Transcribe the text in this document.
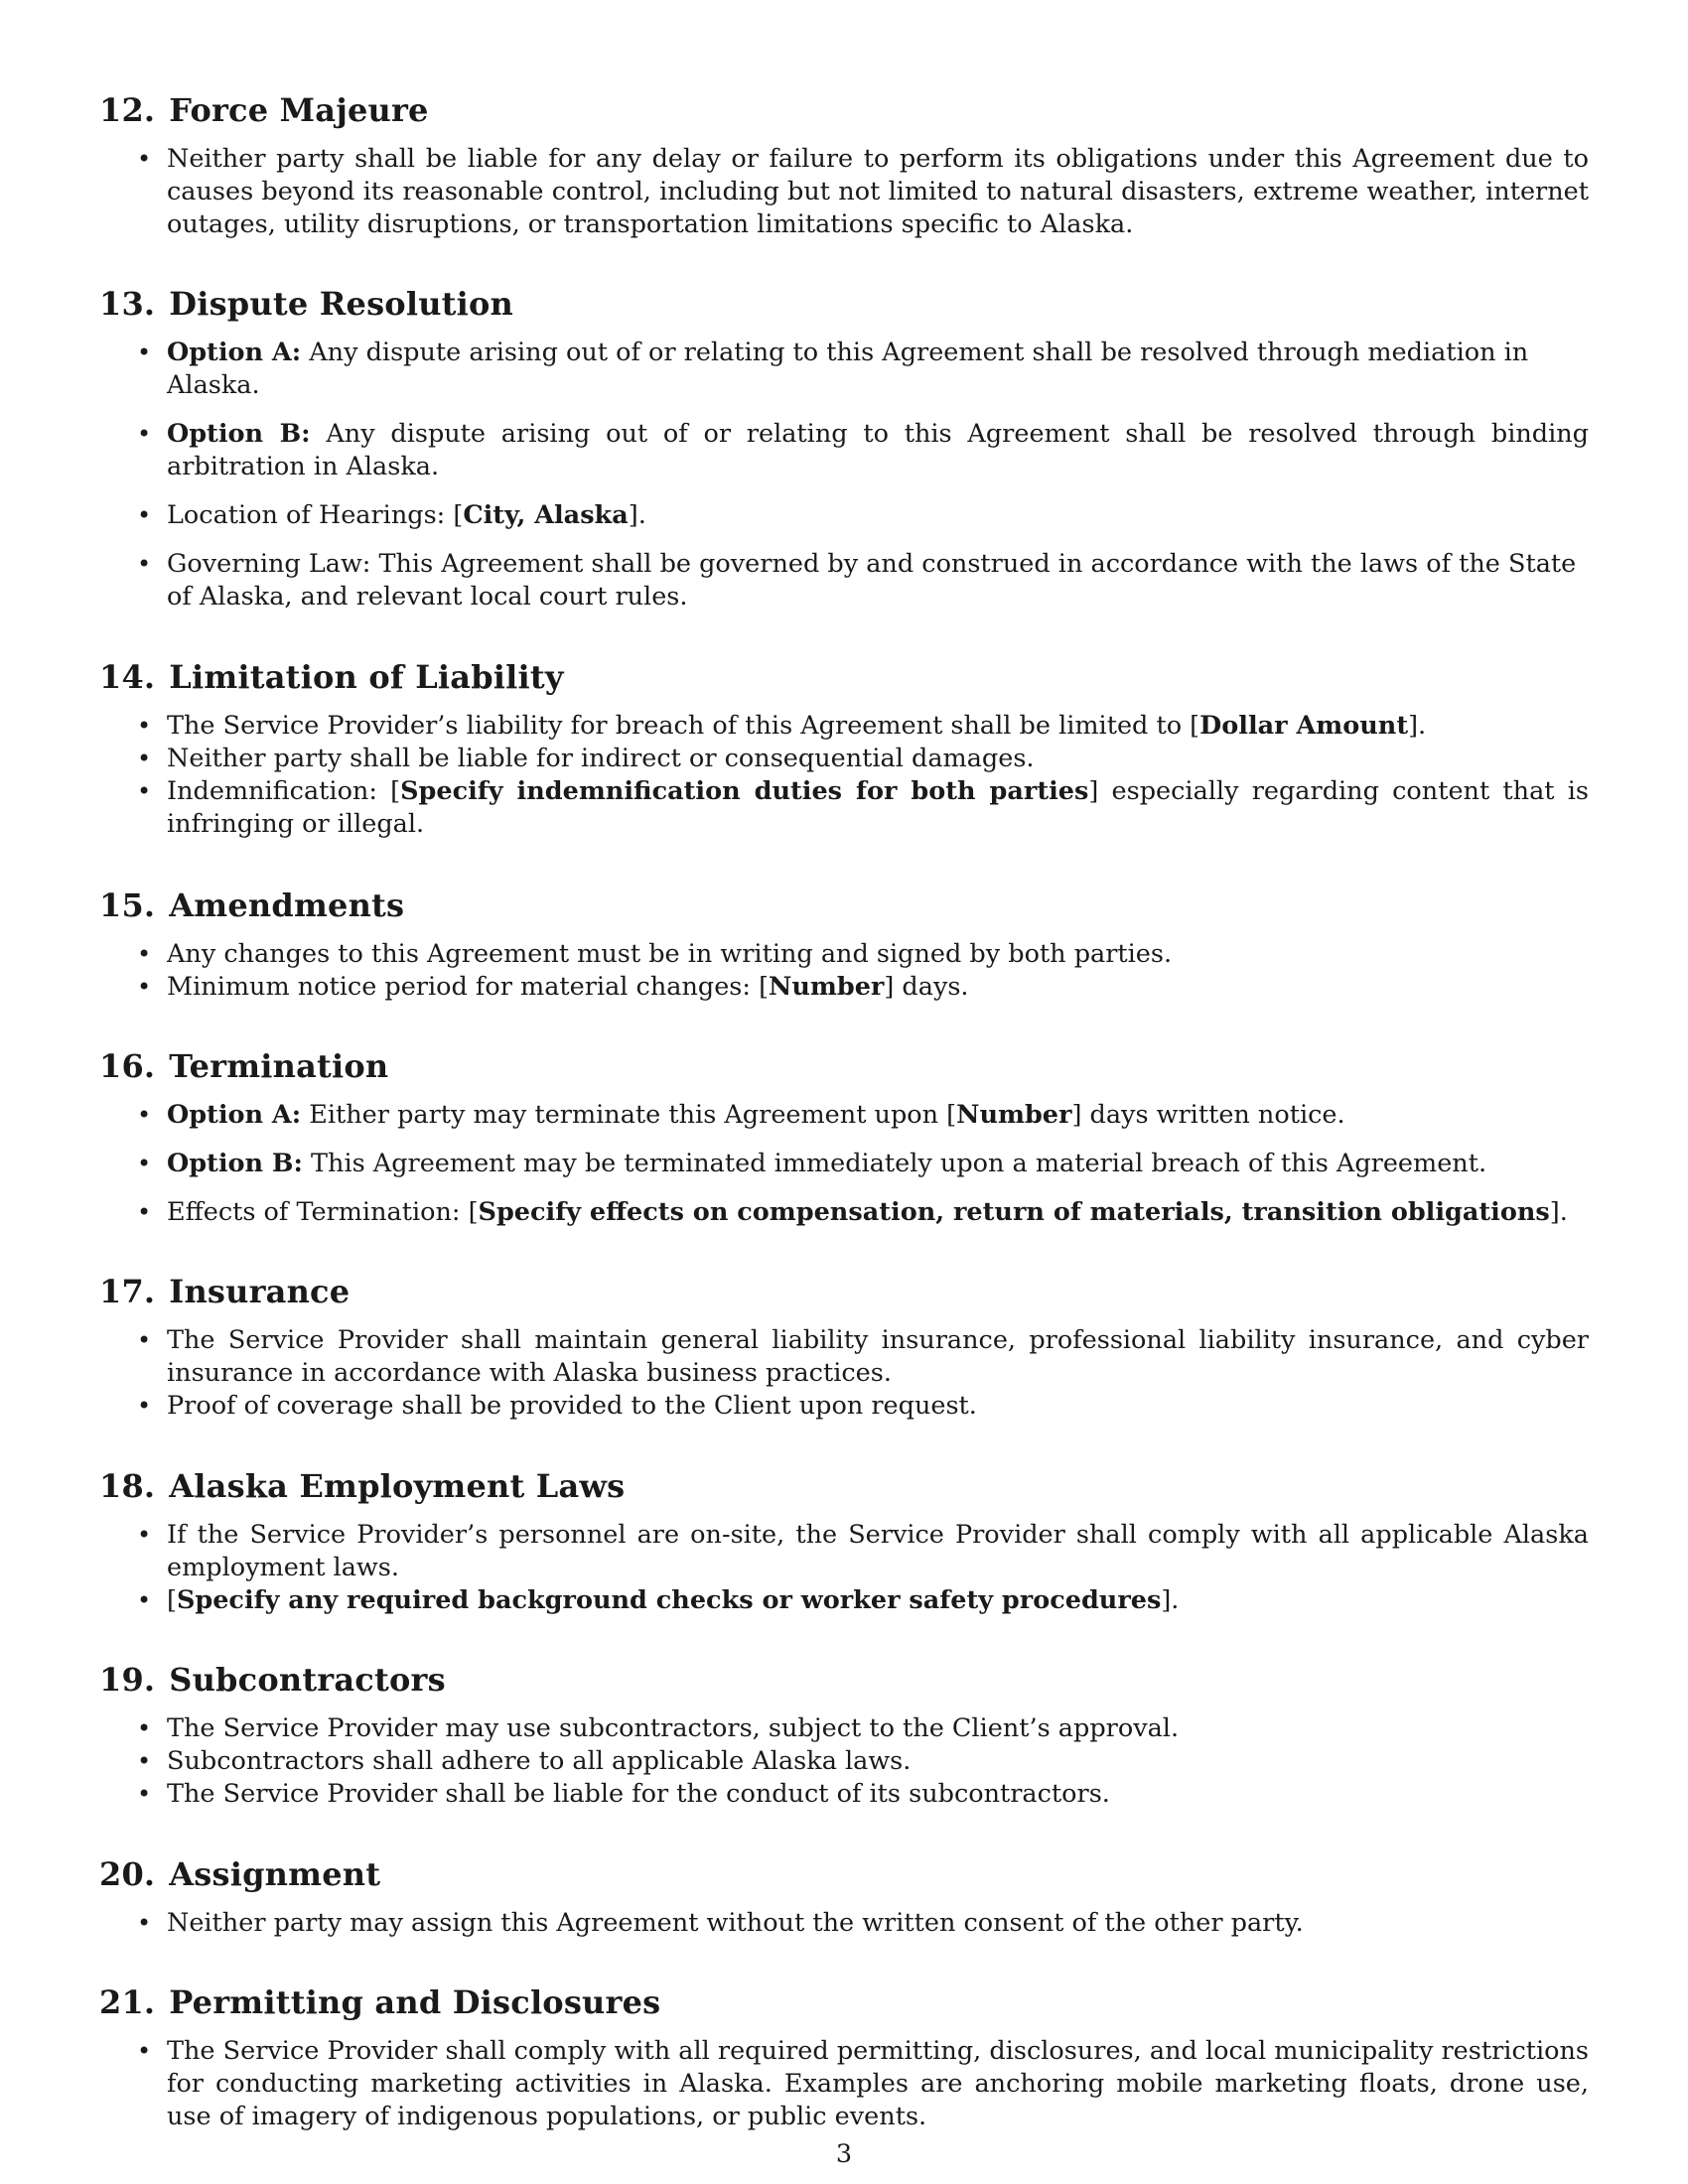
12. Force Majeure
• Neither party shall be liable for any delay or failure to perform its obligations under this Agreement due to causes beyond its reasonable control, including but not limited to natural disasters, extreme weather, internet outages, utility disruptions, or transportation limitations specific to Alaska.
13. Dispute Resolution
• Option A: Any dispute arising out of or relating to this Agreement shall be resolved through mediation in Alaska.
• Option B: Any dispute arising out of or relating to this Agreement shall be resolved through binding arbitration in Alaska.
• Location of Hearings: [City, Alaska].
• Governing Law: This Agreement shall be governed by and construed in accordance with the laws of the State of Alaska, and relevant local court rules.
14. Limitation of Liability
• The Service Provider’s liability for breach of this Agreement shall be limited to [Dollar Amount].
• Neither party shall be liable for indirect or consequential damages.
• Indemnification: [Specify indemnification duties for both parties] especially regarding content that is infringing or illegal.
15. Amendments
• Any changes to this Agreement must be in writing and signed by both parties.
• Minimum notice period for material changes: [Number] days.
16. Termination
• Option A: Either party may terminate this Agreement upon [Number] days written notice.
• Option B: This Agreement may be terminated immediately upon a material breach of this Agreement.
• Effects of Termination: [Specify effects on compensation, return of materials, transition obligations].
17. Insurance
• The Service Provider shall maintain general liability insurance, professional liability insurance, and cyber insurance in accordance with Alaska business practices.
• Proof of coverage shall be provided to the Client upon request.
18. Alaska Employment Laws
• If the Service Provider’s personnel are on-site, the Service Provider shall comply with all applicable Alaska employment laws.
• [Specify any required background checks or worker safety procedures].
19. Subcontractors
• The Service Provider may use subcontractors, subject to the Client’s approval.
• Subcontractors shall adhere to all applicable Alaska laws.
• The Service Provider shall be liable for the conduct of its subcontractors.
20. Assignment
• Neither party may assign this Agreement without the written consent of the other party.
21. Permitting and Disclosures
• The Service Provider shall comply with all required permitting, disclosures, and local municipality restrictions for conducting marketing activities in Alaska. Examples are anchoring mobile marketing floats, drone use, use of imagery of indigenous populations, or public events.
3
